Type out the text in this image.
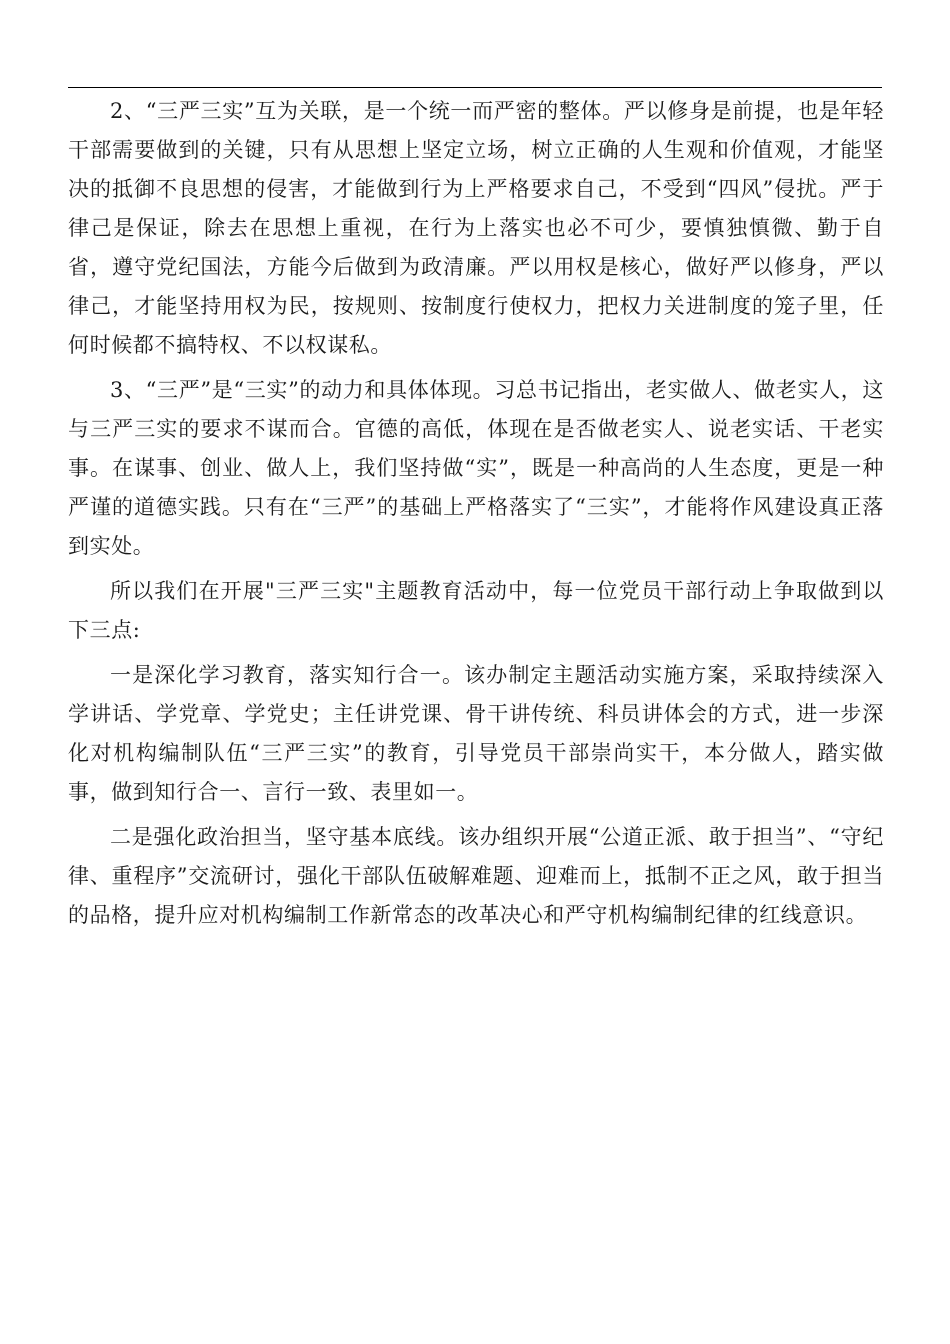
2、“三严三实”互为关联，是一个统一而严密的整体。严以修身是前提，也是年轻干部需要做到的关键，只有从思想上坚定立场，树立正确的人生观和价值观，才能坚决的抵御不良思想的侵害，才能做到行为上严格要求自己，不受到“四风”侵扰。严于律己是保证，除去在思想上重视，在行为上落实也必不可少，要慎独慎微、勤于自省，遵守党纪国法，方能今后做到为政清廉。严以用权是核心，做好严以修身，严以律己，才能坚持用权为民，按规则、按制度行使权力，把权力关进制度的笼子里，任何时候都不搞特权、不以权谋私。

3、“三严”是“三实”的动力和具体体现。习总书记指出，老实做人、做老实人，这与三严三实的要求不谋而合。官德的高低，体现在是否做老实人、说老实话、干老实事。在谋事、创业、做人上，我们坚持做“实”，既是一种高尚的人生态度，更是一种严谨的道德实践。只有在“三严”的基础上严格落实了“三实”，才能将作风建设真正落到实处。

所以我们在开展"三严三实"主题教育活动中，每一位党员干部行动上争取做到以下三点:

一是深化学习教育，落实知行合一。该办制定主题活动实施方案，采取持续深入学讲话、学党章、学党史；主任讲党课、骨干讲传统、科员讲体会的方式，进一步深化对机构编制队伍“三严三实”的教育，引导党员干部崇尚实干，本分做人，踏实做事，做到知行合一、言行一致、表里如一。

二是强化政治担当，坚守基本底线。该办组织开展“公道正派、敢于担当”、“守纪律、重程序”交流研讨，强化干部队伍破解难题、迎难而上，抵制不正之风，敢于担当的品格，提升应对机构编制工作新常态的改革决心和严守机构编制纪律的红线意识。
